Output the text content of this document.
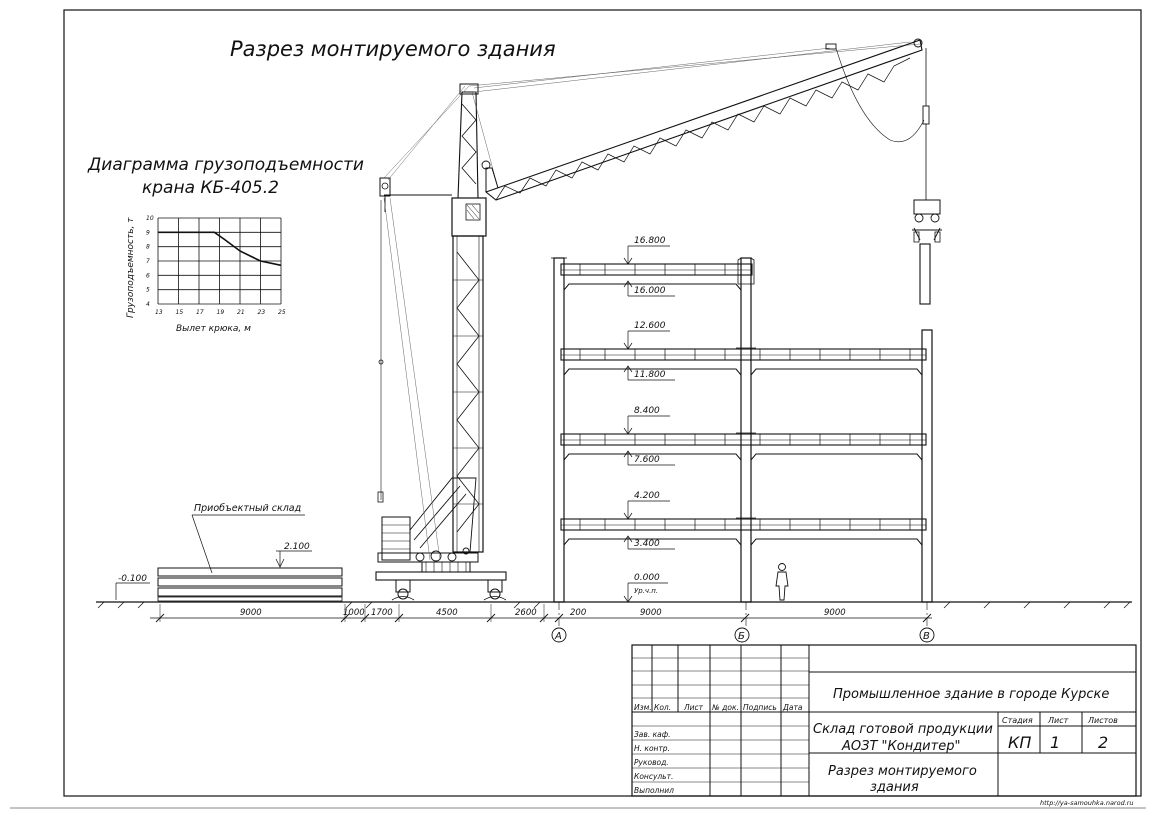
http://ya-samouhka.narod.ru
Разрез монтируемого здания
Диаграмма грузоподъемности
крана КБ-405.2
13 15 17 19 21 23 25
4
5
6
7
8
9
10
Вылет крюка, м
Грузоподъемность, т
Приобъектный склад
2.100
-0.100
16.800
16.000
12.600
11.800
8.400
7.600
4.200
3.400
0.000
Ур.ч.п.
9000	1000 1700	4500	2600	200	9000	9000
А	Б	В
Изм. Кол. Лист № док. Подпись Дата
Зав. каф.
Н. контр.
Руковод.
Консульт.
Выполнил
Промышленное здание в городе Курске
Склад готовой продукции
АОЗТ "Кондитер"
Разрез монтируемого
здания
Стадия Лист Листов
КП 1 2
